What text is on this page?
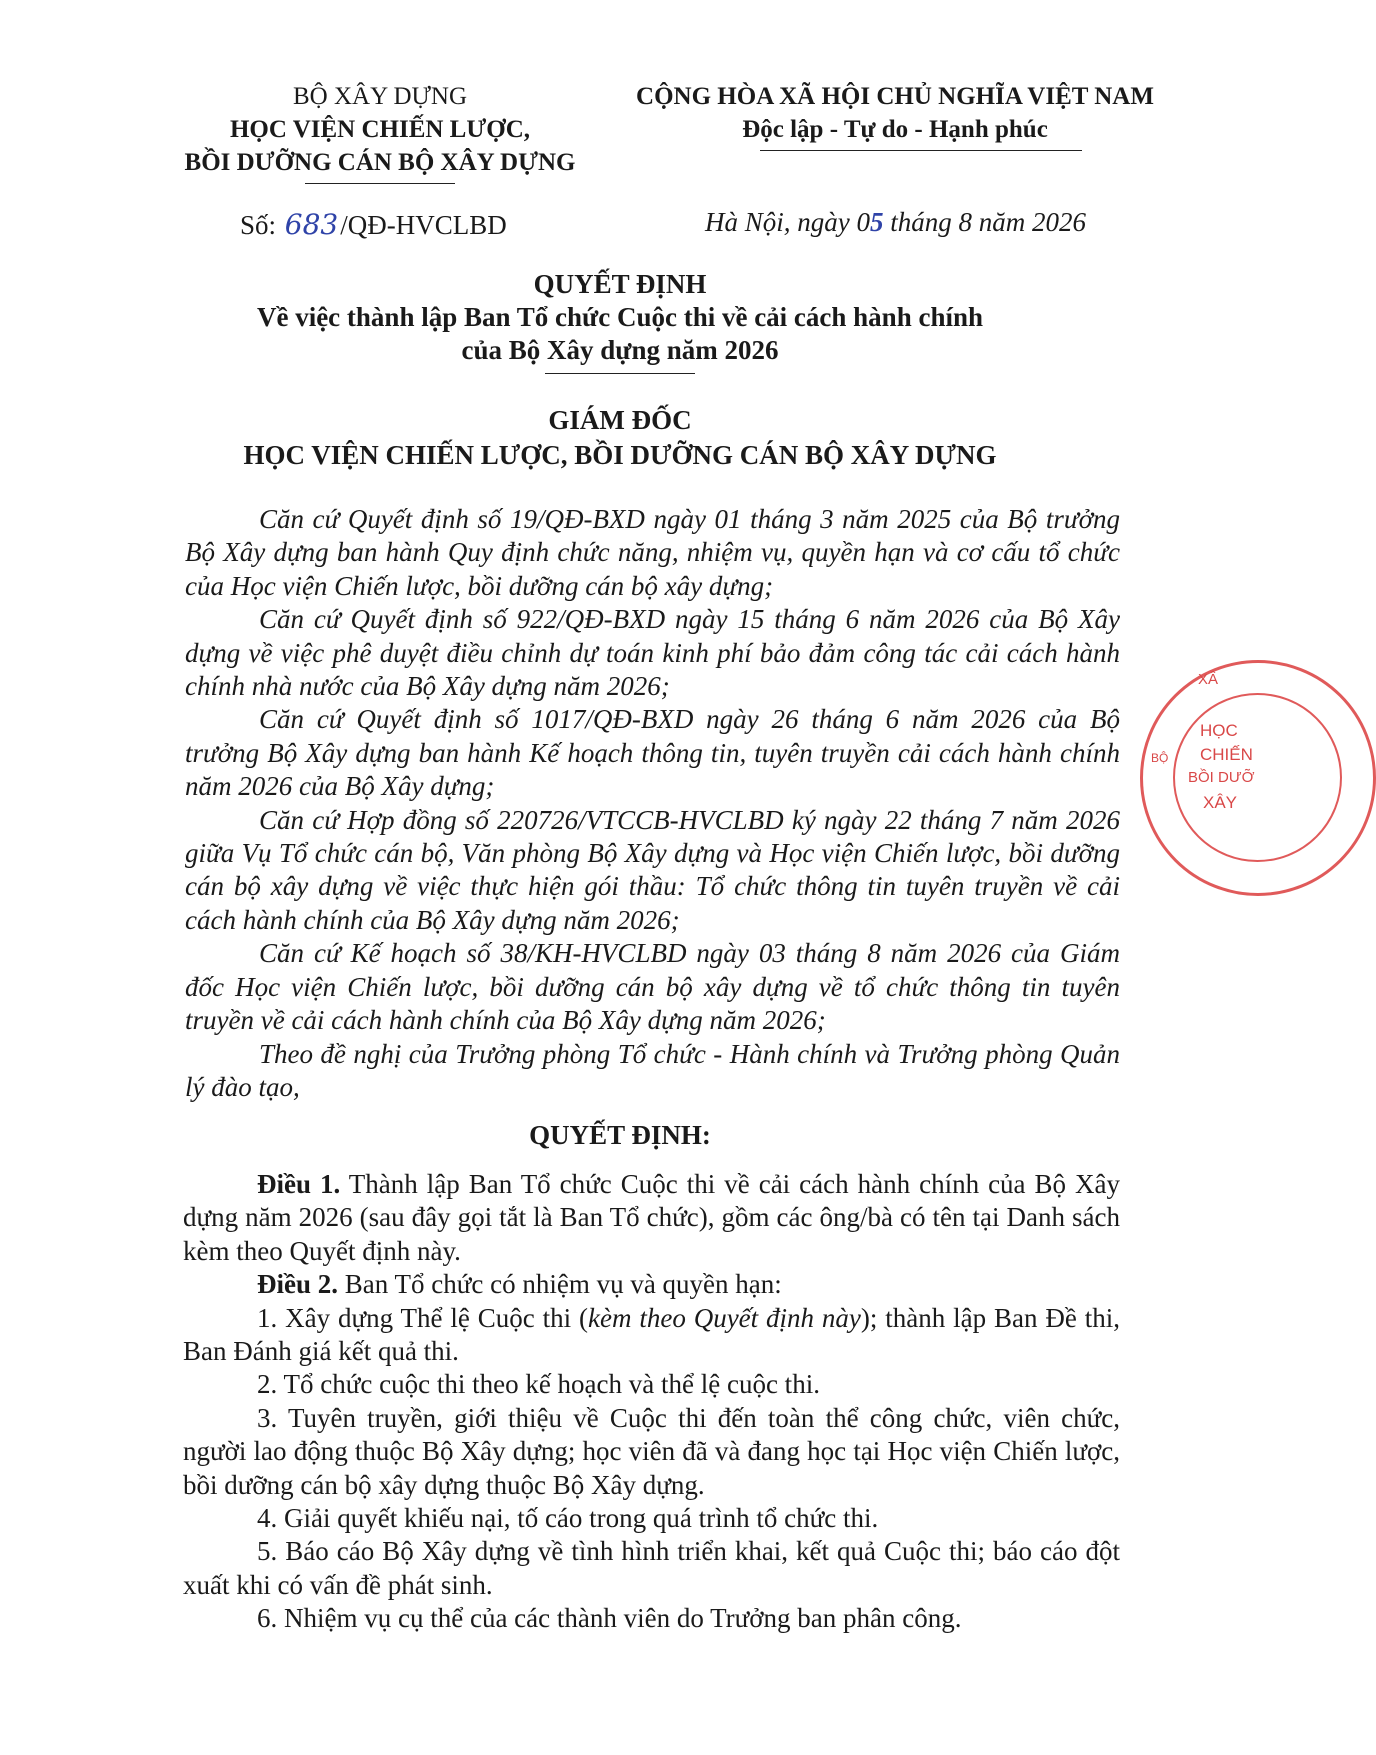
BỘ XÂY DỰNG
HỌC VIỆN CHIẾN LƯỢC,
BỒI DƯỠNG CÁN BỘ XÂY DỰNG
CỘNG HÒA XÃ HỘI CHỦ NGHĨA VIỆT NAM
Độc lập - Tự do - Hạnh phúc
Số: 683/QĐ-HVCLBD	Hà Nội, ngày 05 tháng 8 năm 2026
QUYẾT ĐỊNH
Về việc thành lập Ban Tổ chức Cuộc thi về cải cách hành chính
của Bộ Xây dựng năm 2026
GIÁM ĐỐC
HỌC VIỆN CHIẾN LƯỢC, BỒI DƯỠNG CÁN BỘ XÂY DỰNG

Căn cứ Quyết định số 19/QĐ-BXD ngày 01 tháng 3 năm 2025 của Bộ trưởng Bộ Xây dựng ban hành Quy định chức năng, nhiệm vụ, quyền hạn và cơ cấu tổ chức của Học viện Chiến lược, bồi dưỡng cán bộ xây dựng;

Căn cứ Quyết định số 922/QĐ-BXD ngày 15 tháng 6 năm 2026 của Bộ Xây dựng về việc phê duyệt điều chỉnh dự toán kinh phí bảo đảm công tác cải cách hành chính nhà nước của Bộ Xây dựng năm 2026;

Căn cứ Quyết định số 1017/QĐ-BXD ngày 26 tháng 6 năm 2026 của Bộ trưởng Bộ Xây dựng ban hành Kế hoạch thông tin, tuyên truyền cải cách hành chính năm 2026 của Bộ Xây dựng;

Căn cứ Hợp đồng số 220726/VTCCB-HVCLBD ký ngày 22 tháng 7 năm 2026 giữa Vụ Tổ chức cán bộ, Văn phòng Bộ Xây dựng và Học viện Chiến lược, bồi dưỡng cán bộ xây dựng về việc thực hiện gói thầu: Tổ chức thông tin tuyên truyền về cải cách hành chính của Bộ Xây dựng năm 2026;

Căn cứ Kế hoạch số 38/KH-HVCLBD ngày 03 tháng 8 năm 2026 của Giám đốc Học viện Chiến lược, bồi dưỡng cán bộ xây dựng về tổ chức thông tin tuyên truyền về cải cách hành chính của Bộ Xây dựng năm 2026;

Theo đề nghị của Trưởng phòng Tổ chức - Hành chính và Trưởng phòng Quản lý đào tạo,

QUYẾT ĐỊNH:

Điều 1. Thành lập Ban Tổ chức Cuộc thi về cải cách hành chính của Bộ Xây dựng năm 2026 (sau đây gọi tắt là Ban Tổ chức), gồm các ông/bà có tên tại Danh sách kèm theo Quyết định này.

Điều 2. Ban Tổ chức có nhiệm vụ và quyền hạn:

1. Xây dựng Thể lệ Cuộc thi (kèm theo Quyết định này); thành lập Ban Đề thi, Ban Đánh giá kết quả thi.

2. Tổ chức cuộc thi theo kế hoạch và thể lệ cuộc thi.

3. Tuyên truyền, giới thiệu về Cuộc thi đến toàn thể công chức, viên chức, người lao động thuộc Bộ Xây dựng; học viên đã và đang học tại Học viện Chiến lược, bồi dưỡng cán bộ xây dựng thuộc Bộ Xây dựng.

4. Giải quyết khiếu nại, tố cáo trong quá trình tổ chức thi.

5. Báo cáo Bộ Xây dựng về tình hình triển khai, kết quả Cuộc thi; báo cáo đột xuất khi có vấn đề phát sinh.

6. Nhiệm vụ cụ thể của các thành viên do Trưởng ban phân công.

XÂ
HỌC
CHIẾN
BỒI DƯỠ
XÂY
BỘ
